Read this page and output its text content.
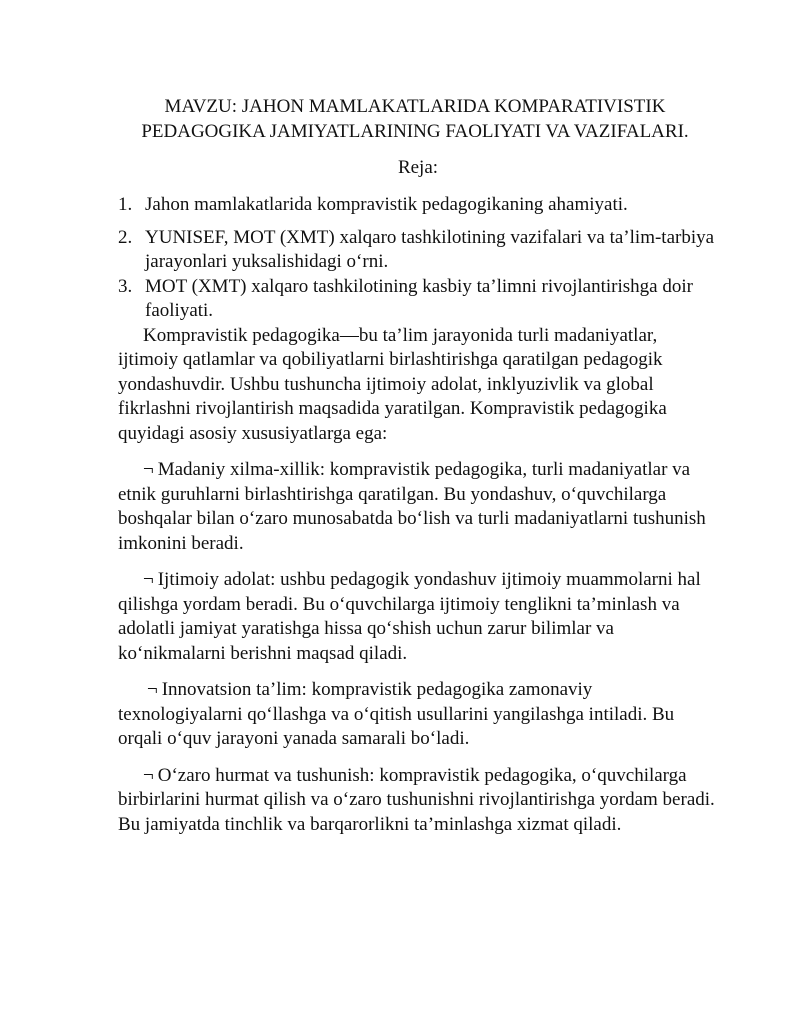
MAVZU: JAHON MAMLAKATLARIDA KOMPARATIVISTIK PEDAGOGIKA JAMIYATLARINING FAOLIYATI VA VAZIFALARI.
Reja:
1. Jahon mamlakatlarida kompravistik pedagogikaning ahamiyati.
2. YUNISEF, MOT (XMT) xalqaro tashkilotining vazifalari va ta’lim-tarbiya jarayonlari yuksalishidagi o‘rni.
3. MOT (XMT) xalqaro tashkilotining kasbiy ta’limni rivojlantirishga doir faoliyati.

Kompravistik pedagogika—bu ta’lim jarayonida turli madaniyatlar, ijtimoiy qatlamlar va qobiliyatlarni birlashtirishga qaratilgan pedagogik yondashuvdir. Ushbu tushuncha ijtimoiy adolat, inklyuzivlik va global fikrlashni rivojlantirish maqsadida yaratilgan. Kompravistik pedagogika quyidagi asosiy xususiyatlarga ega:

¬ Madaniy xilma-xillik: kompravistik pedagogika, turli madaniyatlar va etnik guruhlarni birlashtirishga qaratilgan. Bu yondashuv, o‘quvchilarga boshqalar bilan o‘zaro munosabatda bo‘lish va turli madaniyatlarni tushunish imkonini beradi.

¬ Ijtimoiy adolat: ushbu pedagogik yondashuv ijtimoiy muammolarni hal qilishga yordam beradi. Bu o‘quvchilarga ijtimoiy tenglikni ta’minlash va adolatli jamiyat yaratishga hissa qo‘shish uchun zarur bilimlar va ko‘nikmalarni berishni maqsad qiladi.

¬ Innovatsion ta’lim: kompravistik pedagogika zamonaviy texnologiyalarni qo‘llashga va o‘qitish usullarini yangilashga intiladi. Bu orqali o‘quv jarayoni yanada samarali bo‘ladi.

¬ O‘zaro hurmat va tushunish: kompravistik pedagogika, o‘quvchilarga birbirlarini hurmat qilish va o‘zaro tushunishni rivojlantirishga yordam beradi. Bu jamiyatda tinchlik va barqarorlikni ta’minlashga xizmat qiladi.
